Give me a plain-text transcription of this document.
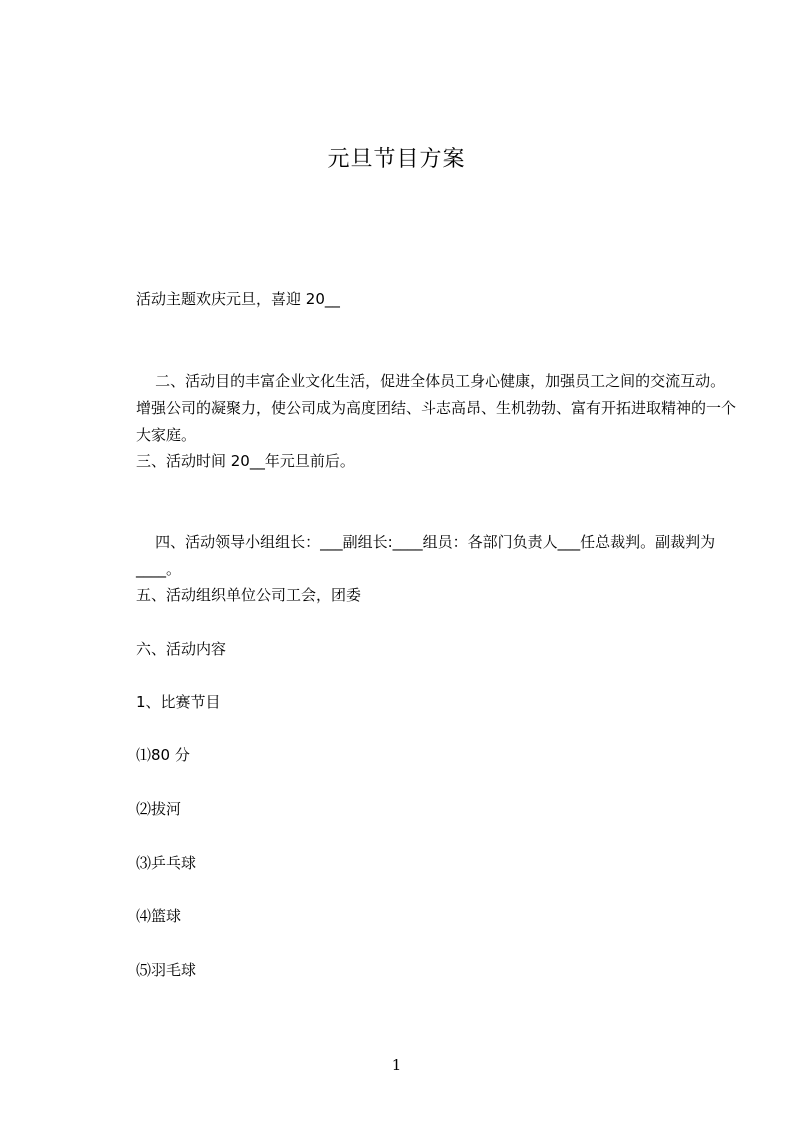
元旦节目方案
活动主题欢庆元旦，喜迎 20__

二、活动目的丰富企业文化生活，促进全体员工身心健康，加强员工之间的交流互动。增强公司的凝聚力，使公司成为高度团结、斗志高昂、生机勃勃、富有开拓进取精神的一个大家庭。

三、活动时间 20__年元旦前后。

四、活动领导小组组长：___副组长:____组员：各部门负责人___任总裁判。副裁判为____。

五、活动组织单位公司工会，团委
六、活动内容
1、比赛节目
⑴80 分
⑵拔河
⑶乒乓球
⑷篮球
⑸羽毛球
1
